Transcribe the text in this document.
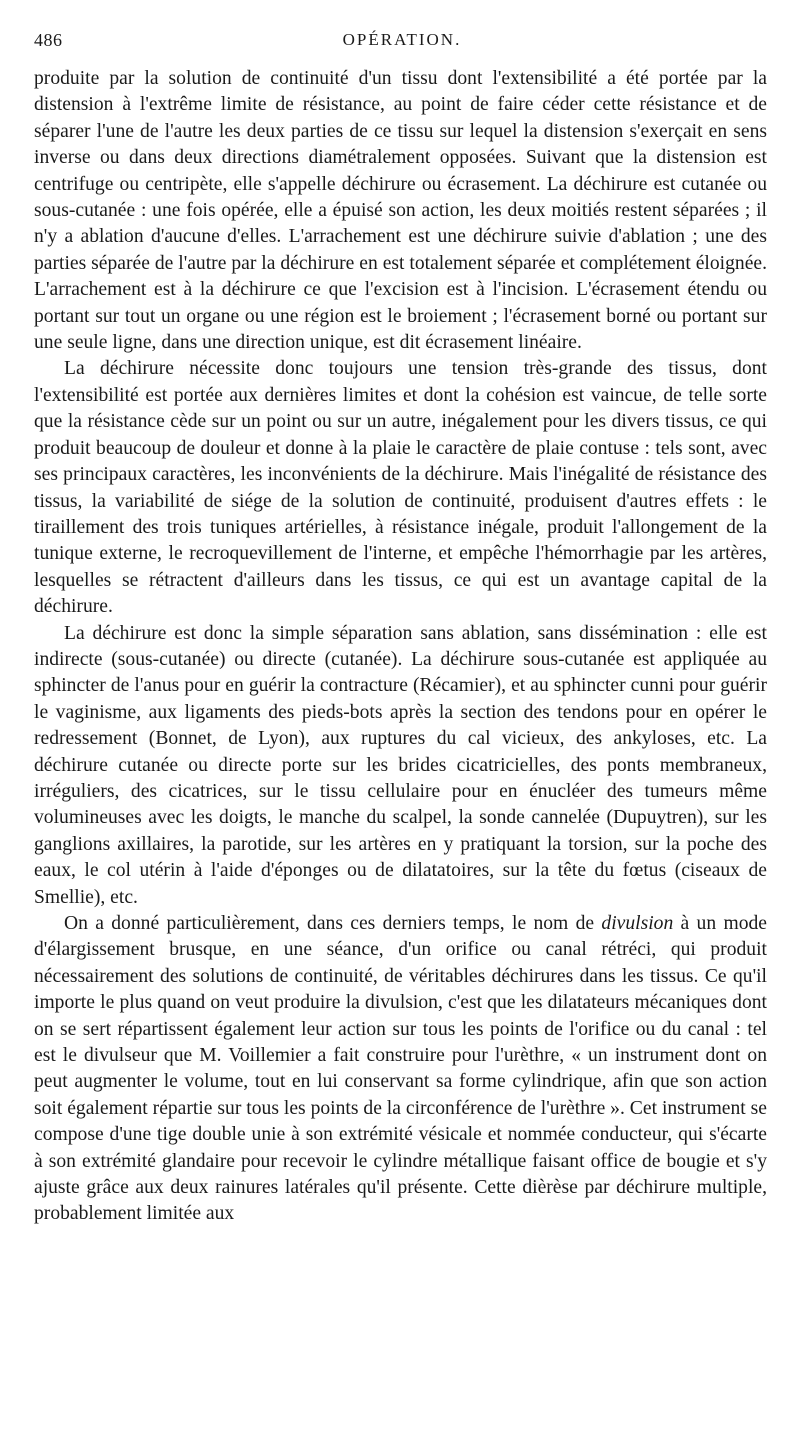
486	OPÉRATION.

produite par la solution de continuité d'un tissu dont l'extensibilité a été portée par la distension à l'extrême limite de résistance, au point de faire céder cette résistance et de séparer l'une de l'autre les deux parties de ce tissu sur lequel la distension s'exerçait en sens inverse ou dans deux directions diamétralement opposées. Suivant que la distension est centrifuge ou centripète, elle s'appelle déchirure ou écrasement. La déchirure est cutanée ou sous-cutanée : une fois opérée, elle a épuisé son action, les deux moitiés restent séparées ; il n'y a ablation d'aucune d'elles. L'arrachement est une déchirure suivie d'ablation ; une des parties séparée de l'autre par la déchirure en est totalement séparée et complétement éloignée. L'arrachement est à la déchirure ce que l'excision est à l'incision. L'écrasement étendu ou portant sur tout un organe ou une région est le broiement ; l'écrasement borné ou portant sur une seule ligne, dans une direction unique, est dit écrasement linéaire.

La déchirure nécessite donc toujours une tension très-grande des tissus, dont l'extensibilité est portée aux dernières limites et dont la cohésion est vaincue, de telle sorte que la résistance cède sur un point ou sur un autre, inégalement pour les divers tissus, ce qui produit beaucoup de douleur et donne à la plaie le caractère de plaie contuse : tels sont, avec ses principaux caractères, les inconvénients de la déchirure. Mais l'inégalité de résistance des tissus, la variabilité de siége de la solution de continuité, produisent d'autres effets : le tiraillement des trois tuniques artérielles, à résistance inégale, produit l'allongement de la tunique externe, le recroquevillement de l'interne, et empêche l'hémorrhagie par les artères, lesquelles se rétractent d'ailleurs dans les tissus, ce qui est un avantage capital de la déchirure.

La déchirure est donc la simple séparation sans ablation, sans dissémination : elle est indirecte (sous-cutanée) ou directe (cutanée). La déchirure sous-cutanée est appliquée au sphincter de l'anus pour en guérir la contracture (Récamier), et au sphincter cunni pour guérir le vaginisme, aux ligaments des pieds-bots après la section des tendons pour en opérer le redressement (Bonnet, de Lyon), aux ruptures du cal vicieux, des ankyloses, etc. La déchirure cutanée ou directe porte sur les brides cicatricielles, des ponts membraneux, irréguliers, des cicatrices, sur le tissu cellulaire pour en énucléer des tumeurs même volumineuses avec les doigts, le manche du scalpel, la sonde cannelée (Dupuytren), sur les ganglions axillaires, la parotide, sur les artères en y pratiquant la torsion, sur la poche des eaux, le col utérin à l'aide d'éponges ou de dilatatoires, sur la tête du fœtus (ciseaux de Smellie), etc.

On a donné particulièrement, dans ces derniers temps, le nom de divulsion à un mode d'élargissement brusque, en une séance, d'un orifice ou canal rétréci, qui produit nécessairement des solutions de continuité, de véritables déchirures dans les tissus. Ce qu'il importe le plus quand on veut produire la divulsion, c'est que les dilatateurs mécaniques dont on se sert répartissent également leur action sur tous les points de l'orifice ou du canal : tel est le divulseur que M. Voillemier a fait construire pour l'urèthre, « un instrument dont on peut augmenter le volume, tout en lui conservant sa forme cylindrique, afin que son action soit également répartie sur tous les points de la circonférence de l'urèthre ». Cet instrument se compose d'une tige double unie à son extrémité vésicale et nommée conducteur, qui s'écarte à son extrémité glandaire pour recevoir le cylindre métallique faisant office de bougie et s'y ajuste grâce aux deux rainures latérales qu'il présente. Cette dièrèse par déchirure multiple, probablement limitée aux
